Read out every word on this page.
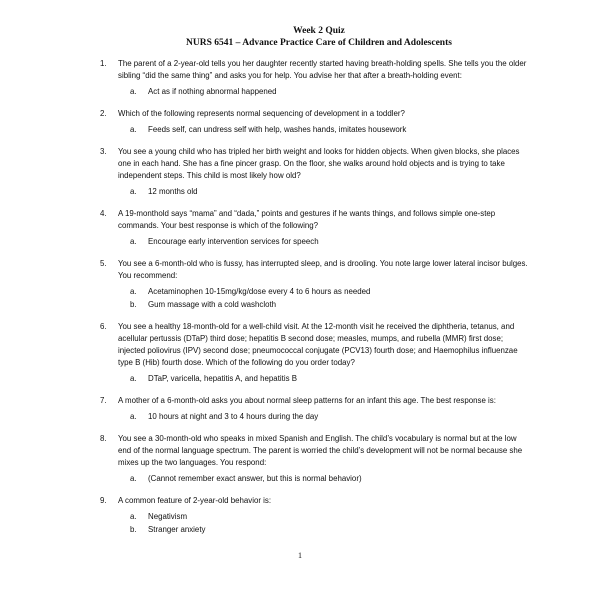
Week 2 Quiz
NURS 6541 – Advance Practice Care of Children and Adolescents
1. The parent of a 2-year-old tells you her daughter recently started having breath-holding spells. She tells you the older sibling “did the same thing” and asks you for help. You advise her that after a breath-holding event:
a. Act as if nothing abnormal happened
2. Which of the following represents normal sequencing of development in a toddler?
a. Feeds self, can undress self with help, washes hands, imitates housework
3. You see a young child who has tripled her birth weight and looks for hidden objects. When given blocks, she places one in each hand. She has a fine pincer grasp. On the floor, she walks around hold objects and is trying to take independent steps. This child is most likely how old?
a. 12 months old
4. A 19-monthold says “mama” and “dada,” points and gestures if he wants things, and follows simple one-step commands. Your best response is which of the following?
a. Encourage early intervention services for speech
5. You see a 6-month-old who is fussy, has interrupted sleep, and is drooling. You note large lower lateral incisor bulges. You recommend:
a. Acetaminophen 10-15mg/kg/dose every 4 to 6 hours as needed
b. Gum massage with a cold washcloth
6. You see a healthy 18-month-old for a well-child visit. At the 12-month visit he received the diphtheria, tetanus, and acellular pertussis (DTaP) third dose; hepatitis B second dose; measles, mumps, and rubella (MMR) first dose; injected poliovirus (IPV) second dose; pneumococcal conjugate (PCV13) fourth dose; and Haemophilus influenzae type B (Hib) fourth dose. Which of the following do you order today?
a. DTaP, varicella, hepatitis A, and hepatitis B
7. A mother of a 6-month-old asks you about normal sleep patterns for an infant this age. The best response is:
a. 10 hours at night and 3 to 4 hours during the day
8. You see a 30-month-old who speaks in mixed Spanish and English. The child’s vocabulary is normal but at the low end of the normal language spectrum. The parent is worried the child’s development will not be normal because she mixes up the two languages. You respond:
a. (Cannot remember exact answer, but this is normal behavior)
9. A common feature of 2-year-old behavior is:
a. Negativism
b. Stranger anxiety
1
